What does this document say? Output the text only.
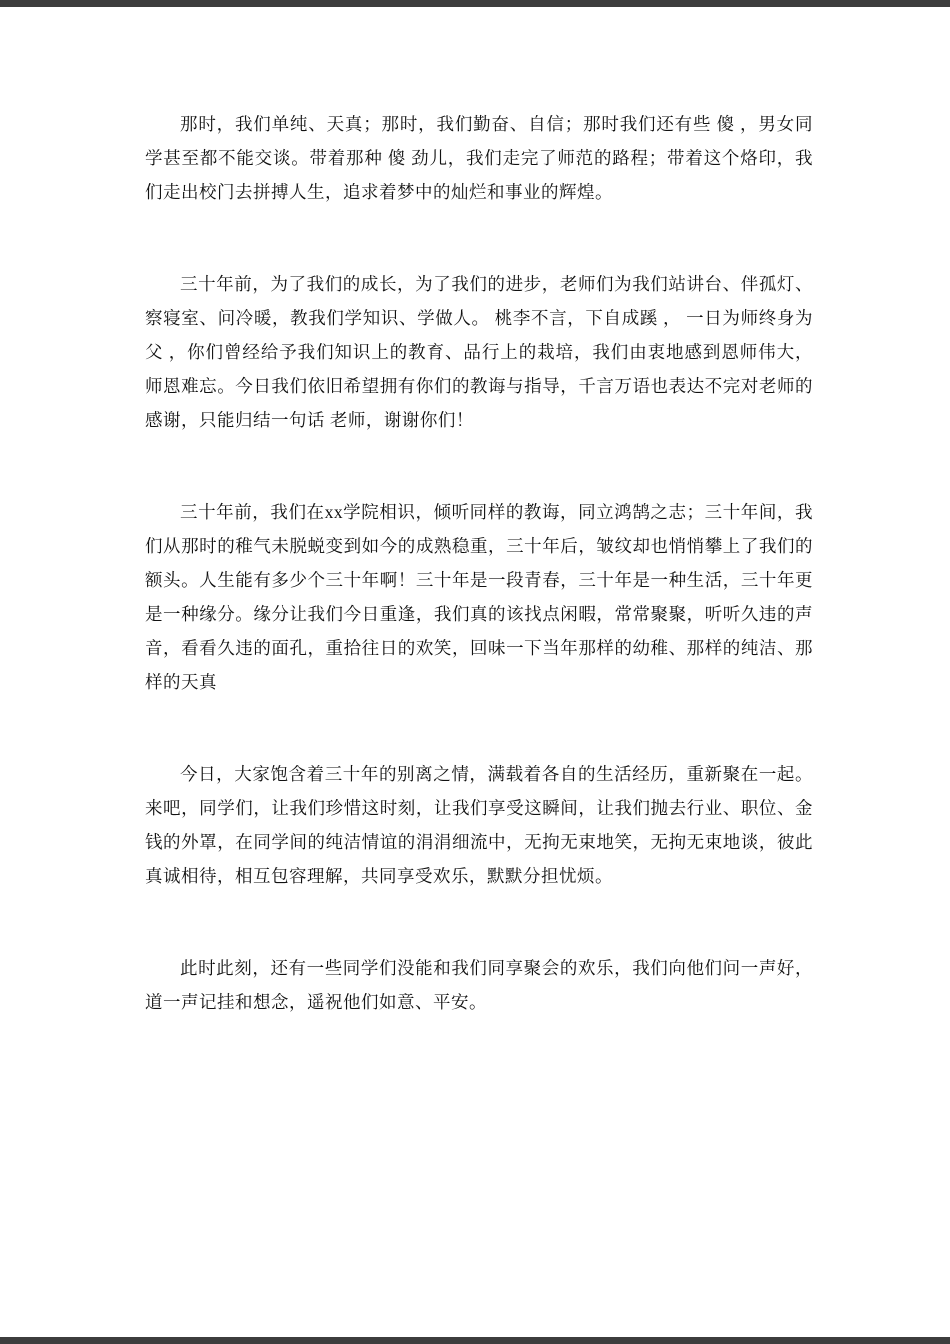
那时，我们单纯、天真；那时，我们勤奋、自信；那时我们还有些 傻 ，男女同学甚至都不能交谈。带着那种 傻 劲儿，我们走完了师范的路程；带着这个烙印，我们走出校门去拼搏人生，追求着梦中的灿烂和事业的辉煌。

三十年前，为了我们的成长，为了我们的进步，老师们为我们站讲台、伴孤灯、察寝室、问冷暖，教我们学知识、学做人。 桃李不言，下自成蹊 ， 一日为师终身为父 ，你们曾经给予我们知识上的教育、品行上的栽培，我们由衷地感到恩师伟大，师恩难忘。今日我们依旧希望拥有你们的教诲与指导，千言万语也表达不完对老师的感谢，只能归结一句话 老师，谢谢你们！

三十年前，我们在xx学院相识，倾听同样的教诲，同立鸿鹄之志；三十年间，我们从那时的稚气未脱蜕变到如今的成熟稳重，三十年后，皱纹却也悄悄攀上了我们的额头。人生能有多少个三十年啊！三十年是一段青春，三十年是一种生活，三十年更是一种缘分。缘分让我们今日重逢，我们真的该找点闲暇，常常聚聚，听听久违的声音，看看久违的面孔，重拾往日的欢笑，回味一下当年那样的幼稚、那样的纯洁、那样的天真

今日，大家饱含着三十年的别离之情，满载着各自的生活经历，重新聚在一起。来吧，同学们，让我们珍惜这时刻，让我们享受这瞬间，让我们抛去行业、职位、金钱的外罩，在同学间的纯洁情谊的涓涓细流中，无拘无束地笑，无拘无束地谈，彼此真诚相待，相互包容理解，共同享受欢乐，默默分担忧烦。

此时此刻，还有一些同学们没能和我们同享聚会的欢乐，我们向他们问一声好，道一声记挂和想念，遥祝他们如意、平安。
